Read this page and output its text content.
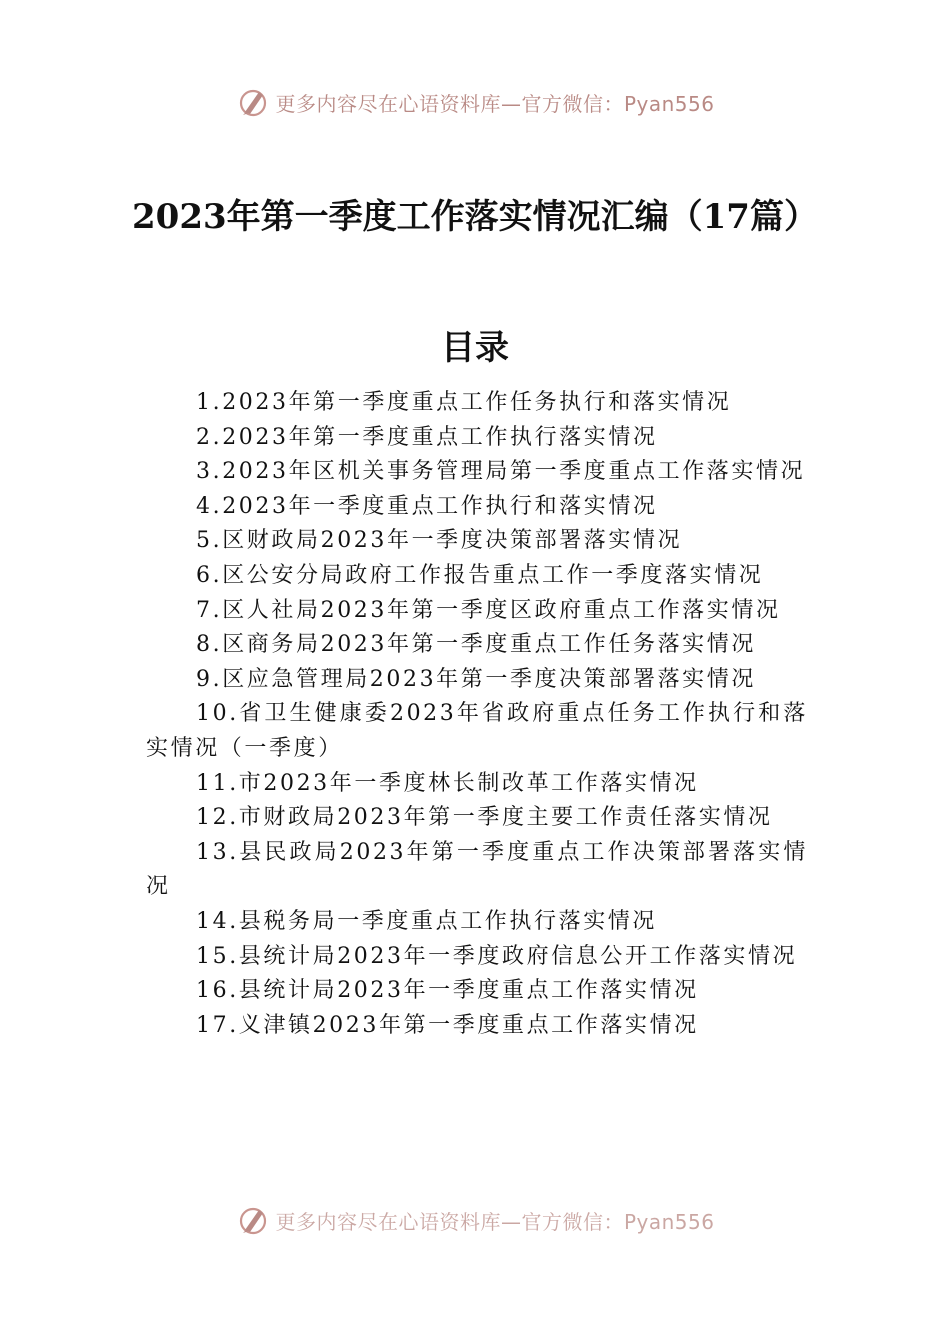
更多内容尽在心语资料库—官方微信：Pyan556
2023年第一季度工作落实情况汇编（17篇）
目录
1.2023年第一季度重点工作任务执行和落实情况
2.2023年第一季度重点工作执行落实情况
3.2023年区机关事务管理局第一季度重点工作落实情况
4.2023年一季度重点工作执行和落实情况
5.区财政局2023年一季度决策部署落实情况
6.区公安分局政府工作报告重点工作一季度落实情况
7.区人社局2023年第一季度区政府重点工作落实情况
8.区商务局2023年第一季度重点工作任务落实情况
9.区应急管理局2023年第一季度决策部署落实情况
10.省卫生健康委2023年省政府重点任务工作执行和落实情况（一季度）
11.市2023年一季度林长制改革工作落实情况
12.市财政局2023年第一季度主要工作责任落实情况
13.县民政局2023年第一季度重点工作决策部署落实情况
14.县税务局一季度重点工作执行落实情况
15.县统计局2023年一季度政府信息公开工作落实情况
16.县统计局2023年一季度重点工作落实情况
17.义津镇2023年第一季度重点工作落实情况
更多内容尽在心语资料库—官方微信：Pyan556
